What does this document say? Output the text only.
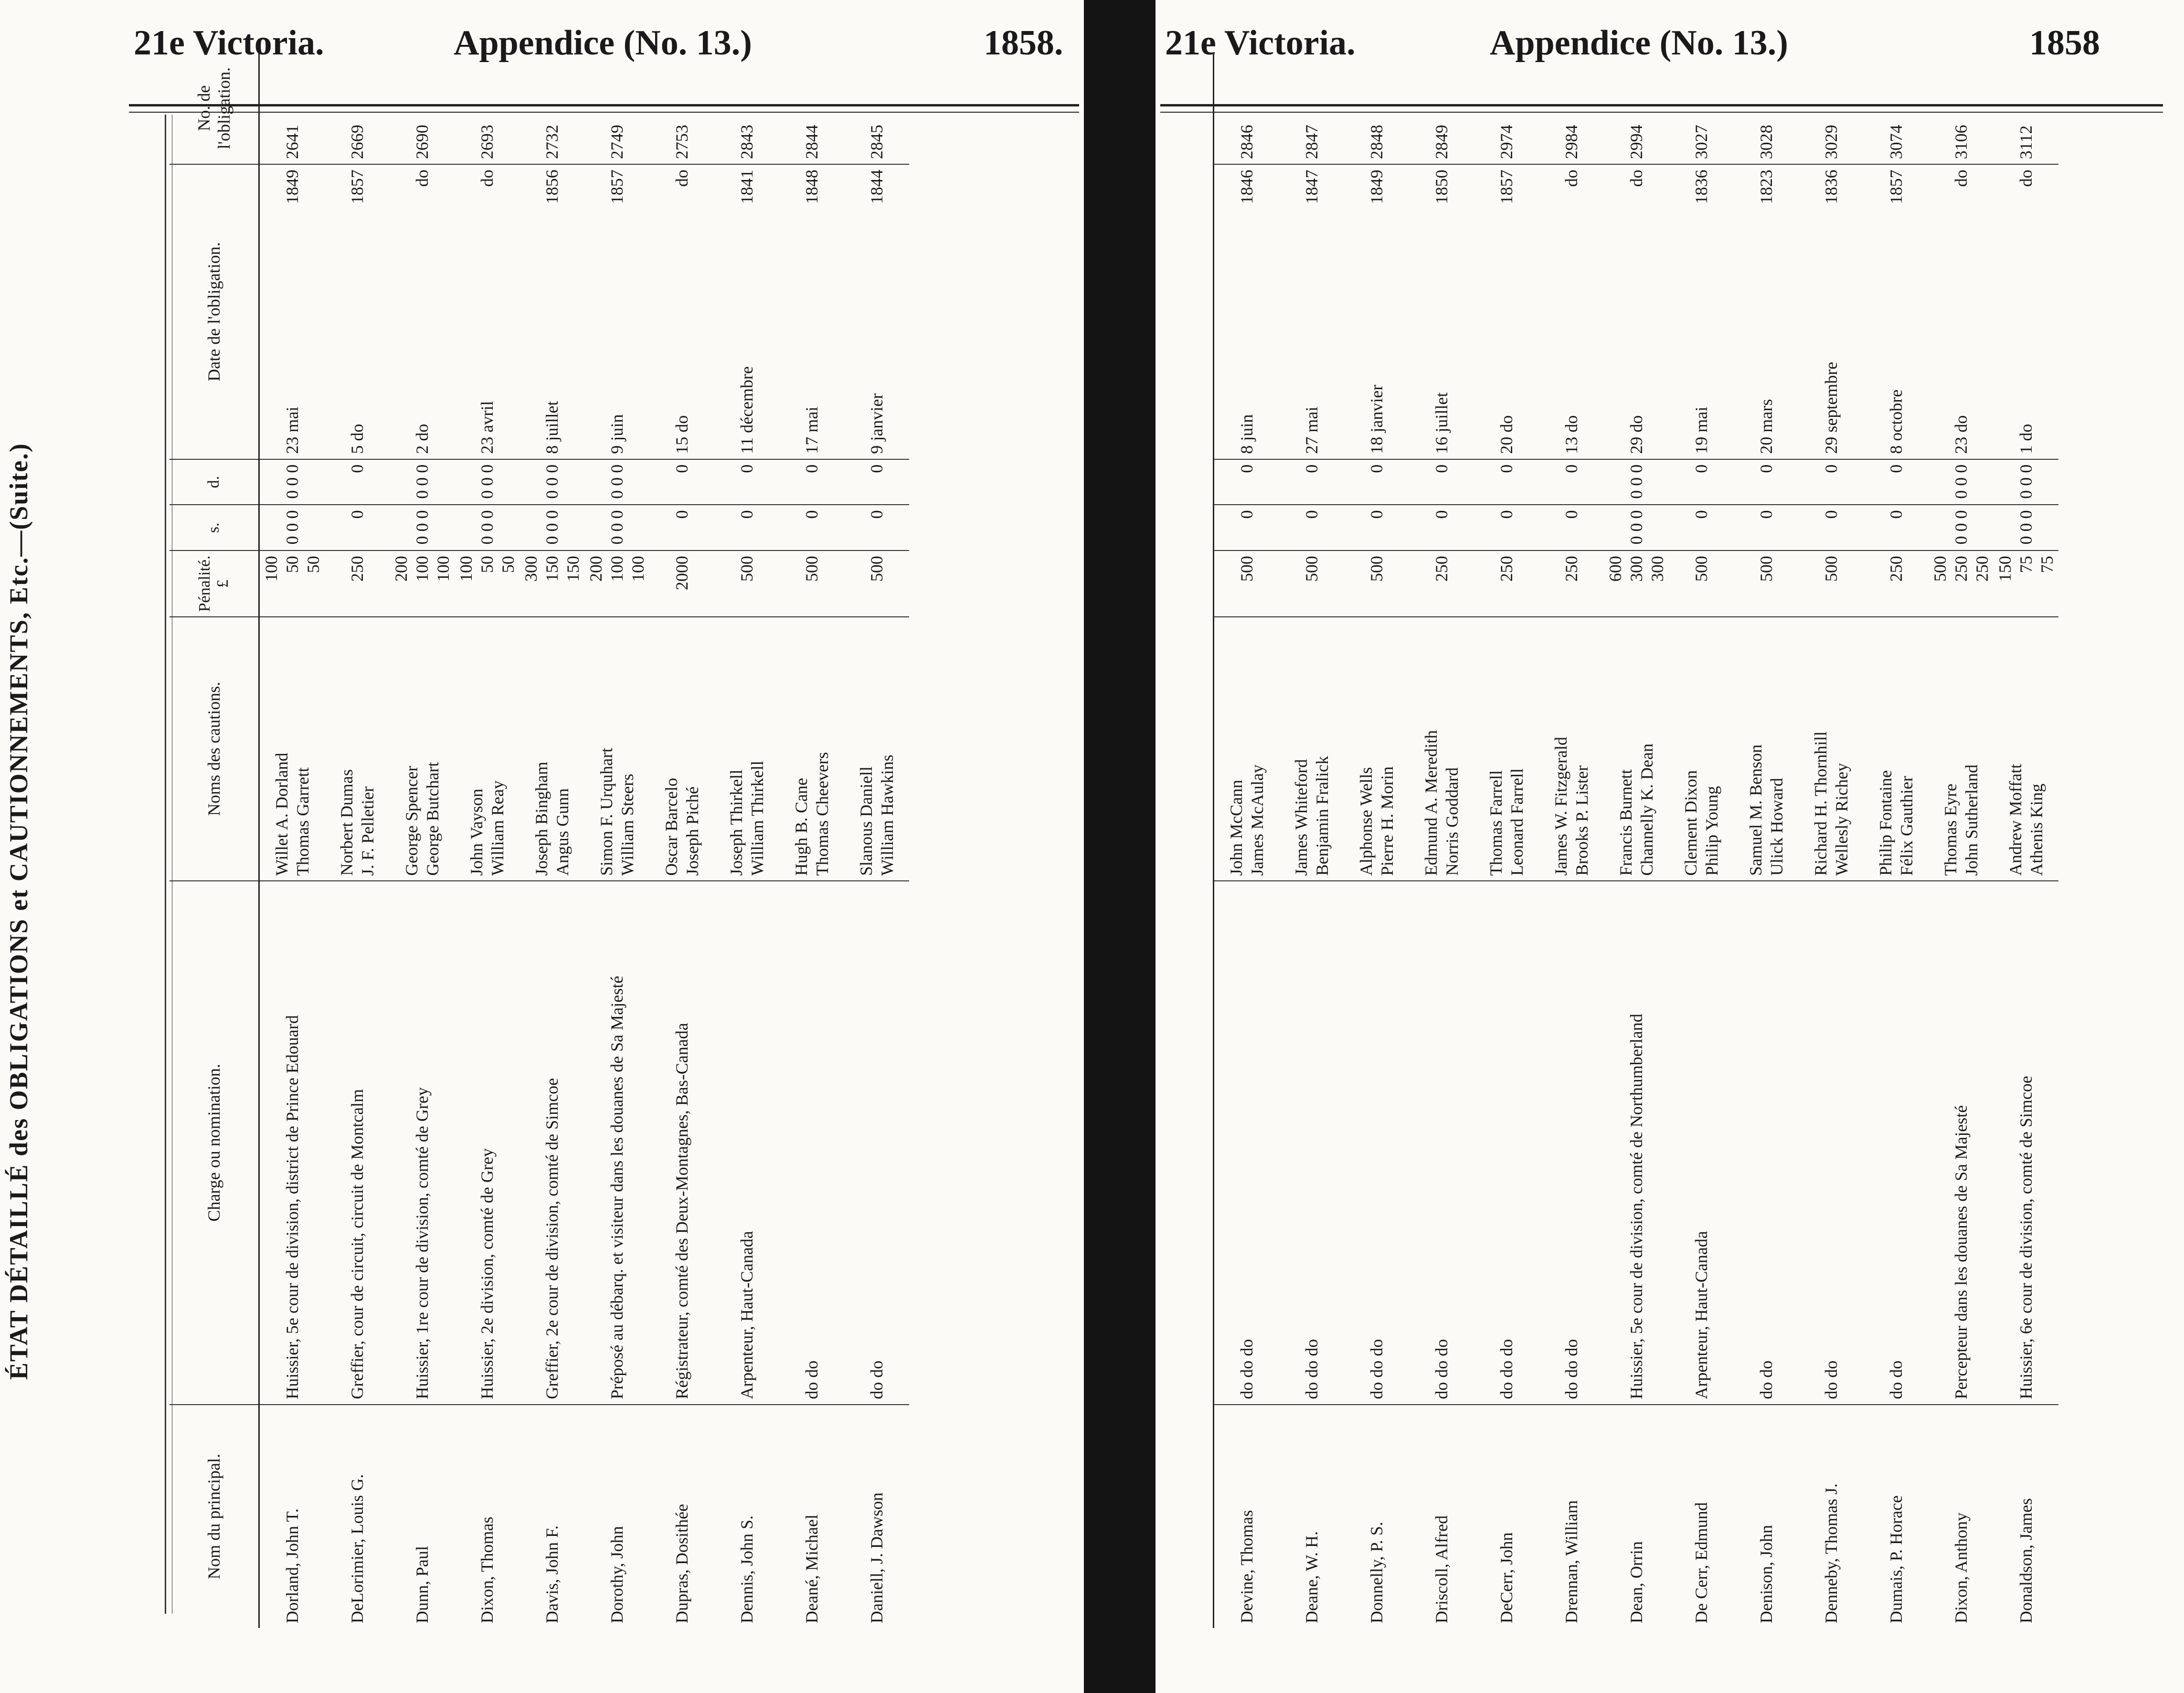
21e Victoria.	Appendice (No. 13.)	1858.
ÉTAT DÉTAILLÉ des OBLIGATIONS et CAUTIONNEMENTS, Etc.—(Suite.)
Nom du principal.	Charge ou nomination.	Noms des cautions.	Pénalité. £	s.	d.	Date de l'obligation.		No. de l'obligation.

Dorland, John T.	Huissier, 5e cour de division, district de Prince Edouard	Willet A. Dorland Thomas Garrett	100 50 50	0 0 0	0 0 0	23 mai	1849	2641

DeLorimier, Louis G.	Greffier, cour de circuit, circuit de Montcalm	Norbert Dumas J. F. Pelletier	250	0	0	5 do	1857	2669

Dunn, Paul	Huissier, 1re cour de division, comté de Grey	George Spencer George Butchart	200 100 100	0 0 0	0 0 0	2 do	do	2690

Dixon, Thomas	Huissier, 2e division, comté de Grey	John Vayson William Reay	100 50 50	0 0 0	0 0 0	23 avril	do	2693

Davis, John F.	Greffier, 2e cour de division, comté de Simcoe	Joseph Bingham Angus Gunn	300 150 150	0 0 0	0 0 0	8 juillet	1856	2732

Dorothy, John	Préposé au débarq. et visiteur dans les douanes de Sa Majesté	Simon F. Urquhart William Steers	200 100 100	0 0 0	0 0 0	9 juin	1857	2749

Dupras, Dosithée	Régistrateur, comté des Deux-Montagnes, Bas-Canada	Oscar Barcelo Joseph Piché	2000	0	0	15 do	do	2753

Dennis, John S.	Arpenteur, Haut-Canada	Joseph Thirkell William Thirkell	500	0	0	11 décembre	1841	2843

Deané, Michael	do do	Hugh B. Cane Thomas Cheevers	500	0	0	17 mai	1848	2844

Daniell, J. Dawson	do do	Slanous Daniell William Hawkins	500	0	0	9 janvier	1844	2845
21e Victoria.	Appendice (No. 13.)	1858

Devine, Thomas	do do do	John McCann James McAulay	500	0	0	8 juin	1846	2846

Deane, W. H.	do do do	James Whiteford Benjamin Fralick	500	0	0	27 mai	1847	2847

Donnelly, P. S.	do do do	Alphonse Wells Pierre H. Morin	500	0	0	18 janvier	1849	2848

Driscoll, Alfred	do do do	Edmund A. Meredith Norris Goddard	250	0	0	16 juillet	1850	2849

DeCerr, John	do do do	Thomas Farrell Leonard Farrell	250	0	0	20 do	1857	2974

Drennan, William	do do do	James W. Fitzgerald Brooks P. Lister	250	0	0	13 do	do	2984

Dean, Orrin	Huissier, 5e cour de division, comté de Northumberland	Francis Burnett Channelly K. Dean	600 300 300	0 0 0	0 0 0	29 do	do	2994

De Cerr, Edmund	Arpenteur, Haut-Canada	Clement Dixon Philip Young	500	0	0	19 mai	1836	3027

Denison, John	do do	Samuel M. Benson Ulick Howard	500	0	0	20 mars	1823	3028

Denneby, Thomas J.	do do	Richard H. Thornhill Wellesly Richey	500	0	0	29 septembre	1836	3029

Dumais, P. Horace	do do	Philip Fontaine Félix Gauthier	250	0	0	8 octobre	1857	3074

Dixon, Anthony	Percepteur dans les douanes de Sa Majesté	Thomas Eyre John Sutherland	500 250 250	0 0 0	0 0 0	23 do	do	3106

Donaldson, James	Huissier, 6e cour de division, comté de Simcoe	Andrew Moffatt Athenis King	150 75 75	0 0 0	0 0 0	1 do	do	3112
